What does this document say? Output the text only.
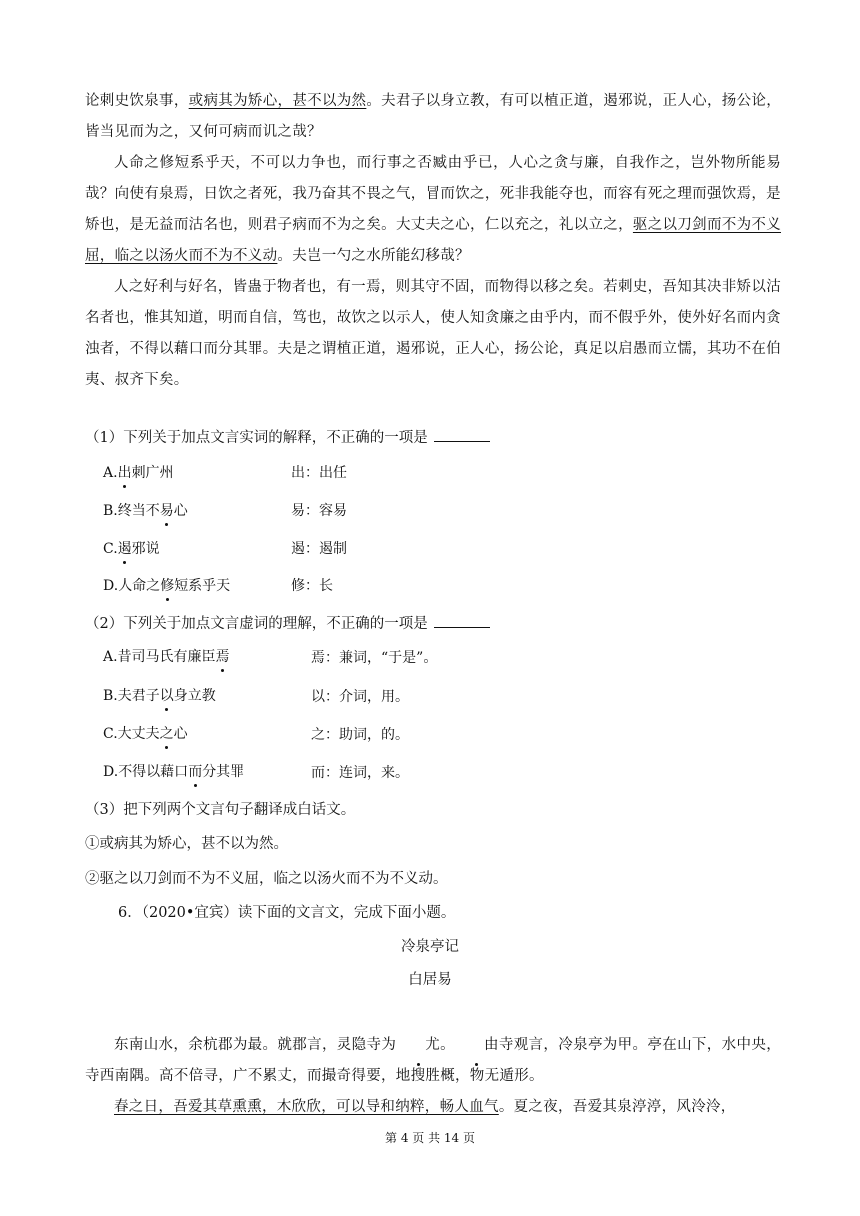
论刺史饮泉事，或病其为矫心，甚不以为然。夫君子以身立教，有可以植正道，遏邪说，正人心，扬公论，皆当见而为之，又何可病而讥之哉？
人命之修短系乎天，不可以力争也，而行事之否臧由乎已，人心之贪与廉，自我作之，岂外物所能易哉？向使有泉焉，日饮之者死，我乃奋其不畏之气，冒而饮之，死非我能夺也，而容有死之理而强饮焉，是矫也，是无益而沽名也，则君子病而不为之矣。大丈夫之心，仁以充之，礼以立之，驱之以刀剑而不为不义屈，临之以汤火而不为不义动。夫岂一勺之水所能幻移哉？
人之好利与好名，皆蛊于物者也，有一焉，则其守不固，而物得以移之矣。若刺史，吾知其决非矫以沽名者也，惟其知道，明而自信，笃也，故饮之以示人，使人知贪廉之由乎内，而不假乎外，使外好名而内贪浊者，不得以藉口而分其罪。夫是之谓植正道，遏邪说，正人心，扬公论，真足以启愚而立懦，其功不在伯夷、叔齐下矣。
（1）下列关于加点文言实词的解释，不正确的一项是
A.出刺广州	出：出任
B.终当不易心	易：容易
C.遏邪说	遏：遏制
D.人命之修短系乎天	修：长
（2）下列关于加点文言虚词的理解，不正确的一项是
A.昔司马氏有廉臣焉	焉：兼词，“于是”。
B.夫君子以身立教	以：介词，用。
C.大丈夫之心	之：助词，的。
D.不得以藉口而分其罪	而：连词，来。
（3）把下列两个文言句子翻译成白话文。
①或病其为矫心，甚不以为然。
②驱之以刀剑而不为不义屈，临之以汤火而不为不义动。
6．（2020•宜宾）读下面的文言文，完成下面小题。
冷泉亭记
白居易
东南山水，余杭郡为最。就郡言，灵隐寺为 尤。 由寺观言，冷泉亭为甲。亭在山下，水中央，寺西南隅。高不倍寻，广不累丈，而撮奇得要，地搜胜概，物无遁形。
春之日，吾爱其草熏熏，木欣欣，可以导和纳粹，畅人血气。夏之夜，吾爱其泉渟渟，风泠泠，
第 4 页 共 14 页
